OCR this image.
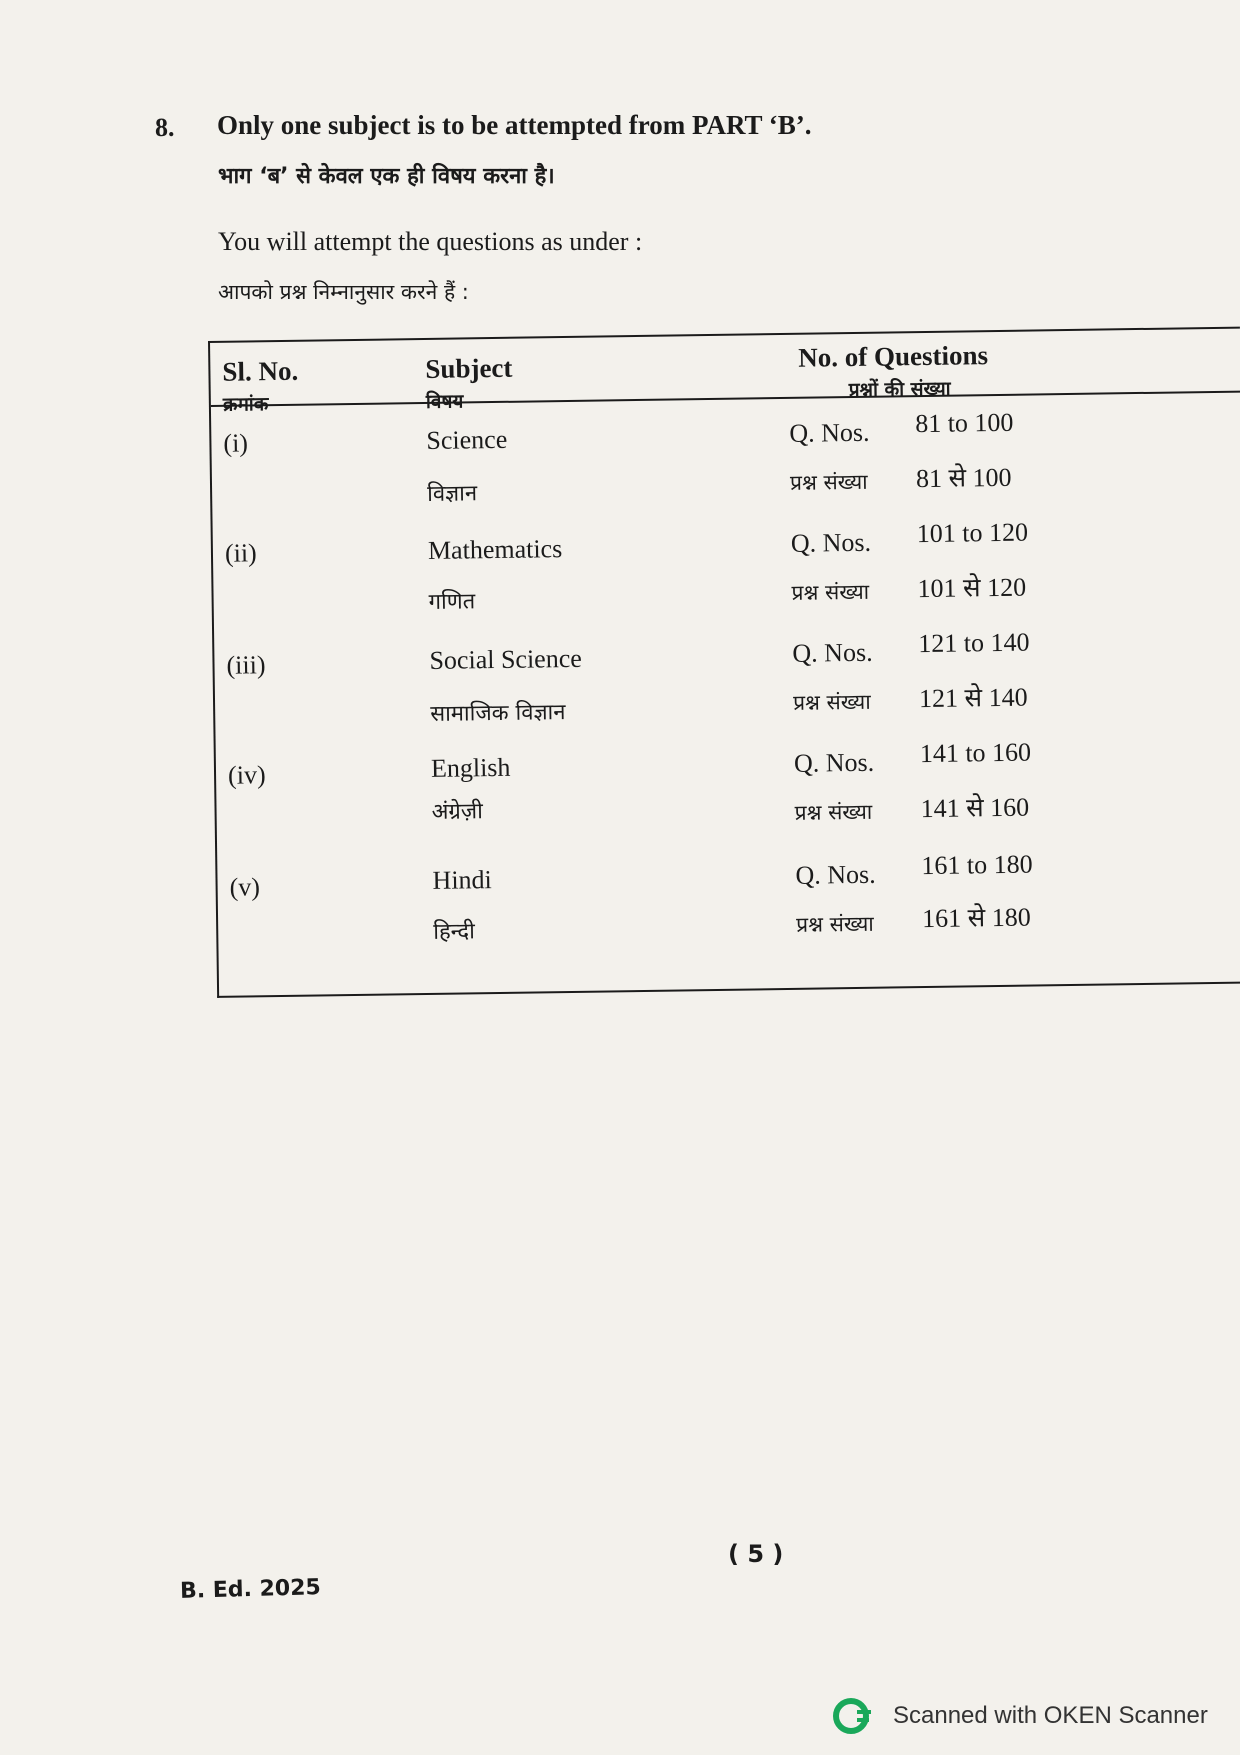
8. Only one subject is to be attempted from PART ‘B’.
भाग ‘ब’ से केवल एक ही विषय करना है।
You will attempt the questions as under :
आपको प्रश्न निम्नानुसार करने हैं :
Sl. No.
क्रमांक
Subject
विषय
No. of Questions
प्रश्नों की संख्या
(i)	Science
विज्ञान
Q. Nos. 81 to 100
प्रश्न संख्या 81 से 100
(ii)	Mathematics
गणित
Q. Nos. 101 to 120
प्रश्न संख्या 101 से 120
(iii)	Social Science
सामाजिक विज्ञान
Q. Nos. 121 to 140
प्रश्न संख्या 121 से 140
(iv)	English
अंग्रेज़ी
Q. Nos. 141 to 160
प्रश्न संख्या 141 से 160
(v)	Hindi
हिन्दी
Q. Nos. 161 to 180
प्रश्न संख्या 161 से 180
( 5 )
B. Ed. 2025
Scanned with OKEN Scanner
